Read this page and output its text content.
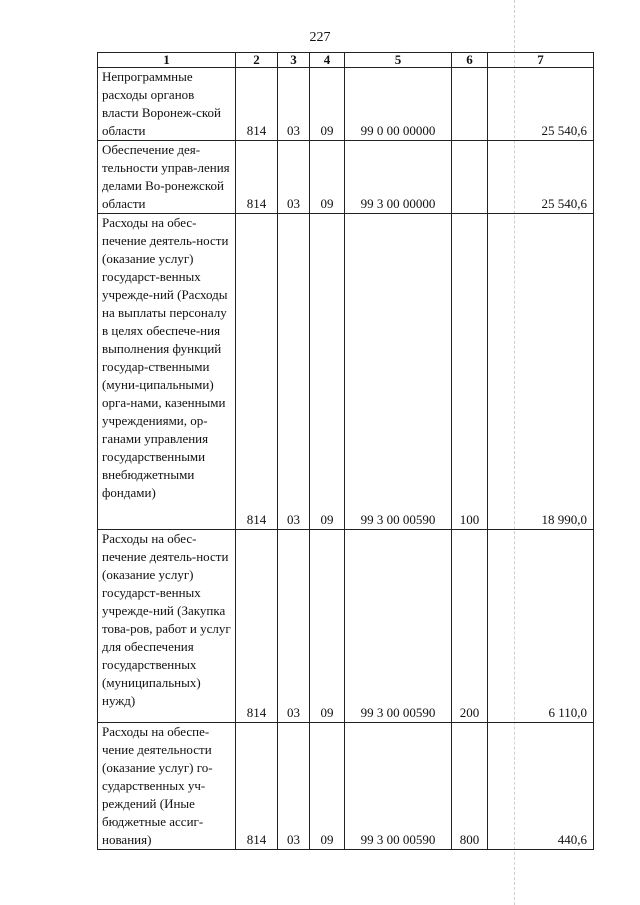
227
1	2	3	4	5	6	7
Непрограммные расходы органов власти Воронеж-ской области	814	03	09	99 0 00 00000		25 540,6
Обеспечение дея-тельности управ-ления делами Во-ронежской области	814	03	09	99 3 00 00000		25 540,6
Расходы на обес-печение деятель-ности (оказание услуг) государст-венных учрежде-ний (Расходы на выплаты персоналу в целях обеспече-ния выполнения функций государ-ственными (муни-ципальными) орга-нами, казенными учреждениями, ор-ганами управления государственными внебюджетными фондами)	814	03	09	99 3 00 00590	100	18 990,0
Расходы на обес-печение деятель-ности (оказание услуг) государст-венных учрежде-ний (Закупка това-ров, работ и услуг для обеспечения государственных (муниципальных) нужд)	814	03	09	99 3 00 00590	200	6 110,0
Расходы на обеспе-чение деятельности (оказание услуг) го-сударственных уч-реждений (Иные бюджетные ассиг-нования)	814	03	09	99 3 00 00590	800	440,6
